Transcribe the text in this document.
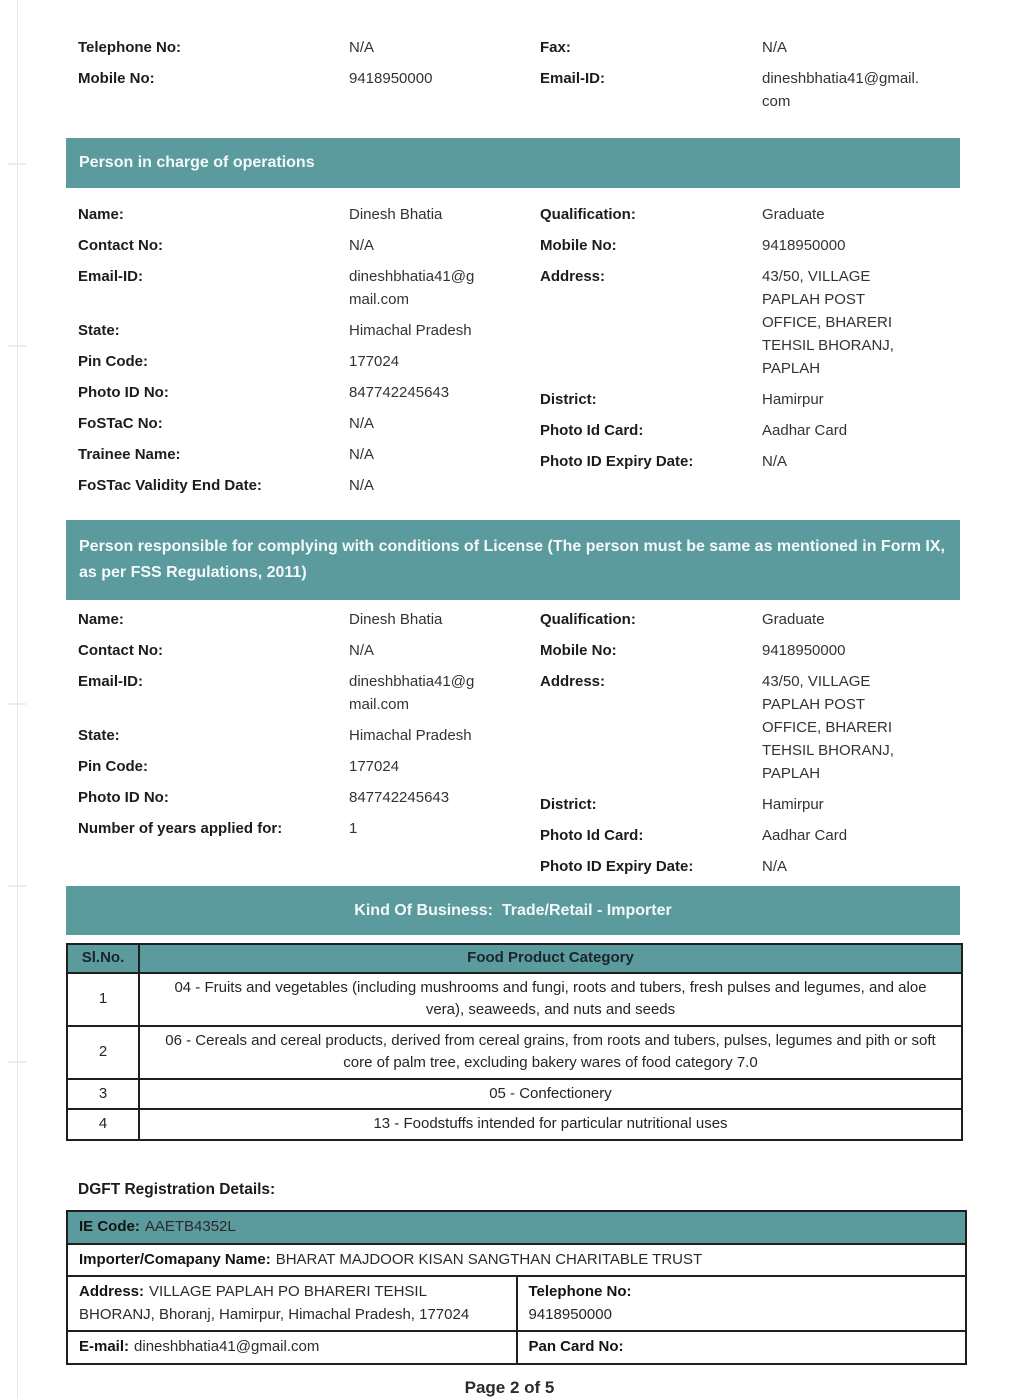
Telephone No:	N/A
Mobile No:	9418950000
Fax:	N/A
Email-ID:	dineshbhatia41@gmail.com
Person in charge of operations
Name:	Dinesh Bhatia
Contact No:	N/A
Email-ID:	dineshbhatia41@gmail.com
State:	Himachal Pradesh
Pin Code:	177024
Photo ID No:	847742245643
FoSTaC No:	N/A
Trainee Name:	N/A
FoSTac Validity End Date:	N/A
Qualification:	Graduate
Mobile No:	9418950000
Address:	43/50, VILLAGE PAPLAH POST OFFICE, BHARERI TEHSIL BHORANJ, PAPLAH
District:	Hamirpur
Photo Id Card:	Aadhar Card
Photo ID Expiry Date:	N/A
Person responsible for complying with conditions of License (The person must be same as mentioned in Form IX, as per FSS Regulations, 2011)
Name:	Dinesh Bhatia
Contact No:	N/A
Email-ID:	dineshbhatia41@gmail.com
State:	Himachal Pradesh
Pin Code:	177024
Photo ID No:	847742245643
Number of years applied for:	1
Qualification:	Graduate
Mobile No:	9418950000
Address:	43/50, VILLAGE PAPLAH POST OFFICE, BHARERI TEHSIL BHORANJ, PAPLAH
District:	Hamirpur
Photo Id Card:	Aadhar Card
Photo ID Expiry Date:	N/A
Kind Of Business:  Trade/Retail - Importer
Sl.No.	Food Product Category
1	04 - Fruits and vegetables (including mushrooms and fungi, roots and tubers, fresh pulses and legumes, and aloe vera), seaweeds, and nuts and seeds
2	06 - Cereals and cereal products, derived from cereal grains, from roots and tubers, pulses, legumes and pith or soft core of palm tree, excluding bakery wares of food category 7.0
3	05 - Confectionery
4	13 - Foodstuffs intended for particular nutritional uses
DGFT Registration Details:
IE Code: AAETB4352L	
Importer/Comapany Name: BHARAT MAJDOOR KISAN SANGTHAN CHARITABLE TRUST	
Address: VILLAGE PAPLAH PO BHARERI TEHSIL BHORANJ, Bhoranj, Hamirpur, Himachal Pradesh, 177024	Telephone No:
9418950000

E-mail: dineshbhatia41@gmail.com	Pan Card No:
Page 2 of 5
